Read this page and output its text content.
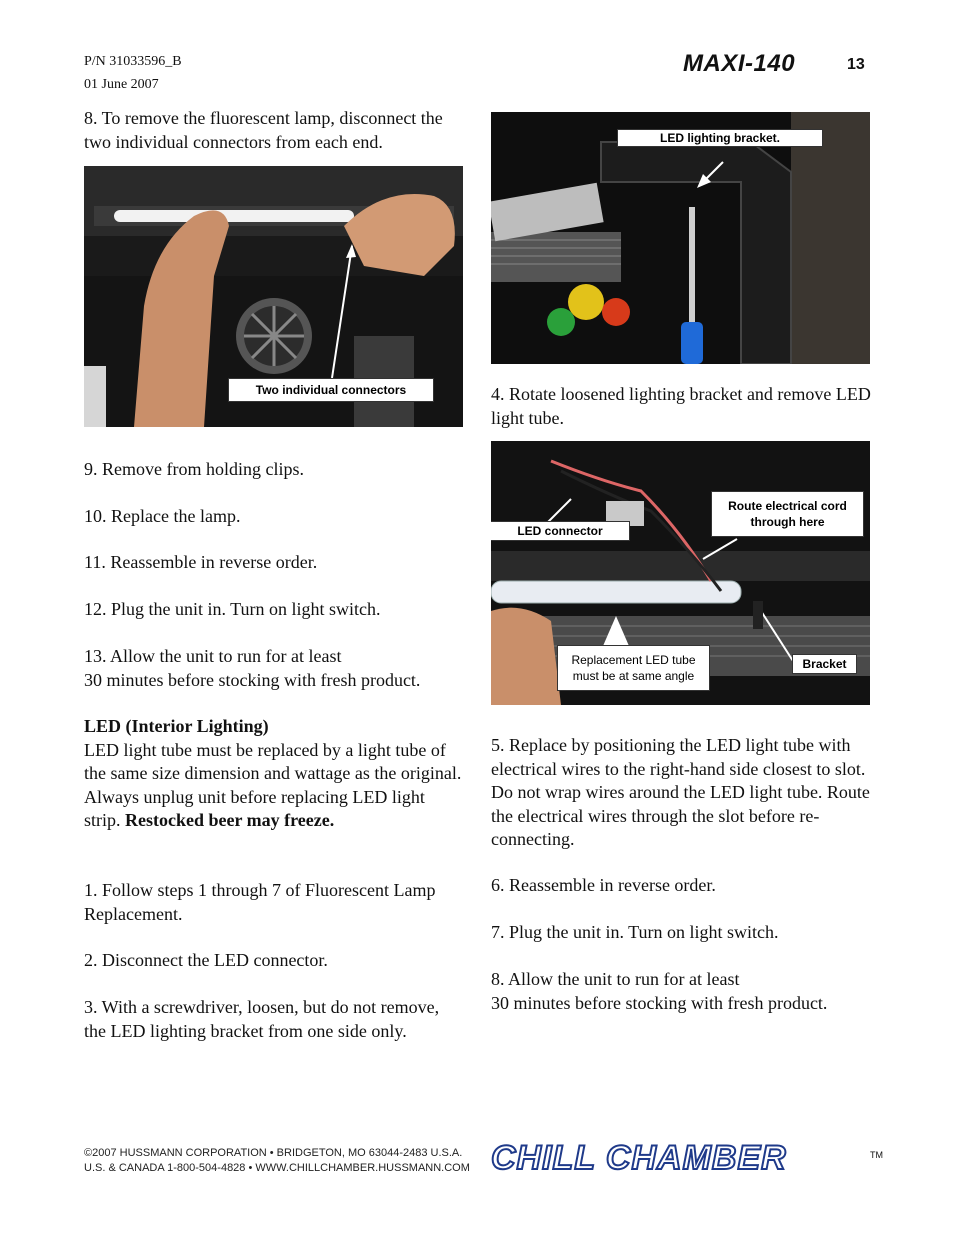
P/N 31033596_B
01 June 2007
MAXI-140	13
8. To remove the fluorescent lamp, disconnect the two individual connectors from each end.
Two individual connectors
9. Remove from holding clips.
10. Replace the lamp.
11. Reassemble in reverse order.
12. Plug the unit in. Turn on light switch.

13. Allow the unit to run for at least

30 minutes before stocking with fresh product.

LED (Interior Lighting)

LED light tube must be replaced by a light tube of the same size dimension and wattage as the original. Always unplug unit before replacing LED light strip. Restocked beer may freeze.

1. Follow steps 1 through 7 of Fluorescent Lamp Replacement.
2. Disconnect the LED connector.
3. With a screwdriver, loosen, but do not remove, the LED lighting bracket from one side only.
LED lighting bracket.
4. Rotate loosened lighting bracket and remove LED light tube.
LED connector

Route electrical cord

through here

Replacement LED tube

must be at same angle

Bracket
5. Replace by positioning the LED light tube with electrical wires to the right-hand side closest to slot. Do not wrap wires around the LED light tube. Route the electrical wires through the slot before re-connecting.
6. Reassemble in reverse order.
7. Plug the unit in. Turn on light switch.

8. Allow the unit to run for at least

30 minutes before stocking with fresh product.

©2007 HUSSMANN CORPORATION • BRIDGETON, MO 63044-2483 U.S.A.

U.S. & CANADA 1-800-504-4828 • WWW.CHILLCHAMBER.HUSSMANN.COM CHILL CHAMBER	TM
